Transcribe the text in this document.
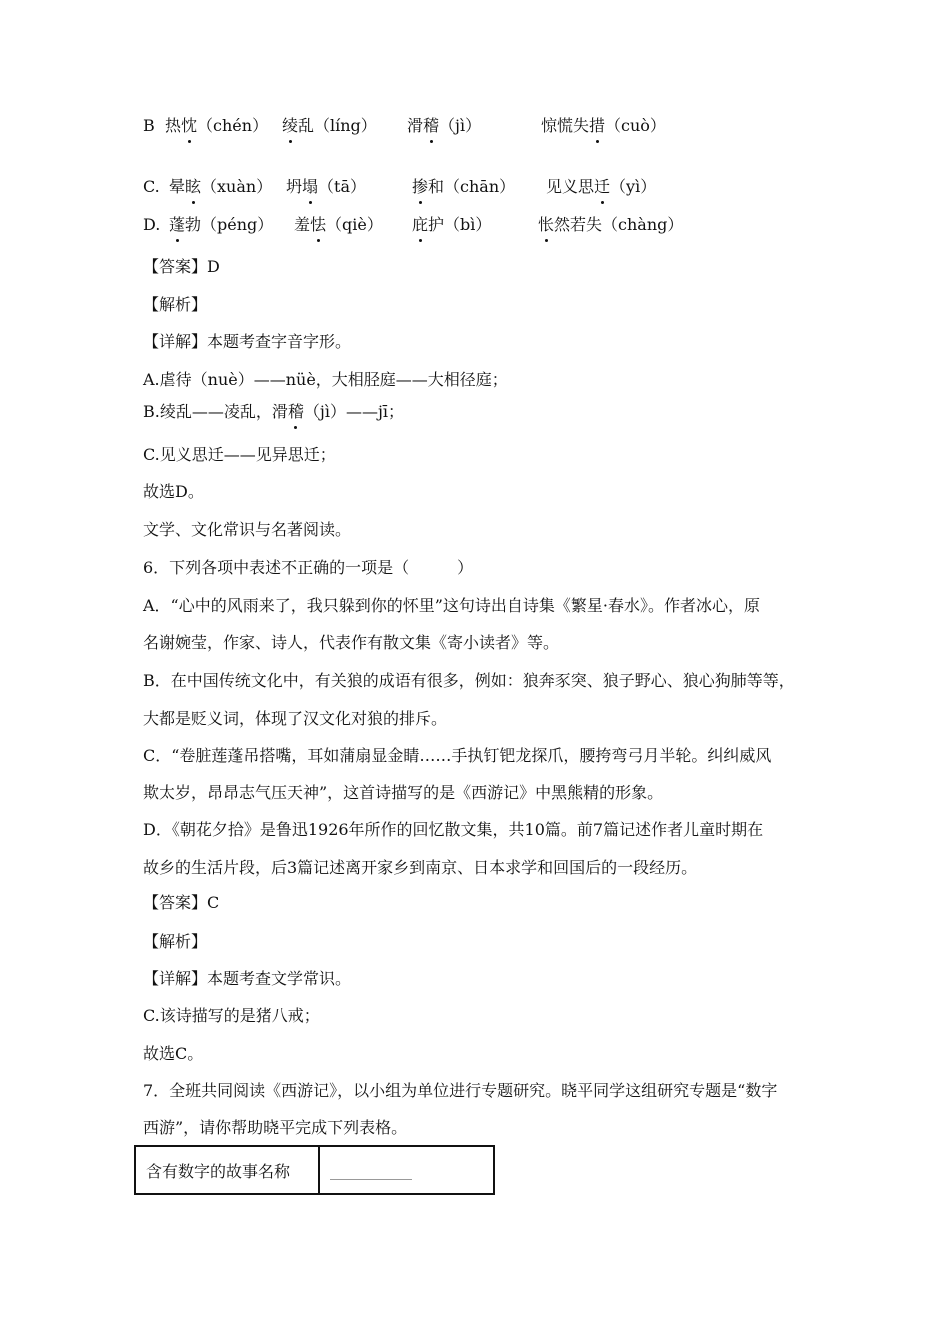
B 热忱（chén） 绫乱（líng） 滑稽（jì）	惊慌失措（cuò）
C. 晕眩（xuàn） 坍塌（tā）	掺和（chān） 见义思迁（yì）
D. 蓬勃（péng） 羞怯（qiè） 庇护（bì）	怅然若失（chàng）
【答案】D
【解析】
【详解】本题考查字音字形。
A.虐待（nuè）——nüè，大相胫庭——大相径庭；
B.绫乱——凌乱，滑稽（jì）——jī；
C.见义思迁——见异思迁；
故选D。
文学、文化常识与名著阅读。
6．下列各项中表述不正确的一项是（　　　）
A．“心中的风雨来了，我只躲到你的怀里”这句诗出自诗集《繁星·春水》。作者冰心，原
名谢婉莹，作家、诗人，代表作有散文集《寄小读者》等。
B．在中国传统文化中，有关狼的成语有很多，例如：狼奔豕突、狼子野心、狼心狗肺等等，
大都是贬义词，体现了汉文化对狼的排斥。
C．“卷脏莲蓬吊搭嘴，耳如蒲扇显金睛……手执钉钯龙探爪，腰挎弯弓月半轮。纠纠威风
欺太岁，昂昂志气压天神”，这首诗描写的是《西游记》中黑熊精的形象。
D．《朝花夕拾》是鲁迅1926年所作的回忆散文集，共10篇。前7篇记述作者儿童时期在
故乡的生活片段，后3篇记述离开家乡到南京、日本求学和回国后的一段经历。
【答案】C
【解析】
【详解】本题考查文学常识。
C.该诗描写的是猪八戒；
故选C。
7．全班共同阅读《西游记》，以小组为单位进行专题研究。晓平同学这组研究专题是“数字
西游”，请你帮助晓平完成下列表格。
含有数字的故事名称	
